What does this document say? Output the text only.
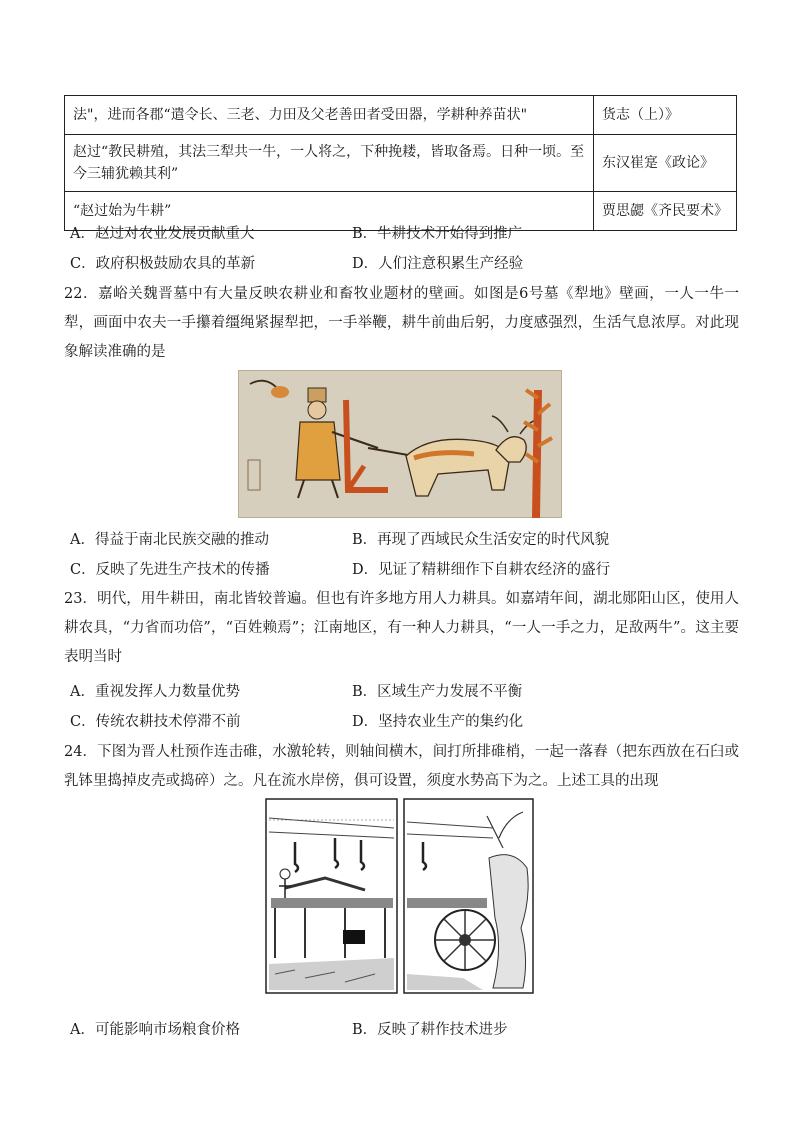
法"，进而各郡“遣令长、三老、力田及父老善田者受田器，学耕种养苗状"	货志（上）》
赵过“教民耕殖，其法三犁共一牛，一人将之，下种挽耧，皆取备焉。日种一顷。至今三辅犹赖其利”	东汉崔寔《政论》
“赵过始为牛耕”	贾思勰《齐民要术》
A．赵过对农业发展贡献重大	B．牛耕技术开始得到推广
C．政府积极鼓励农具的革新	D．人们注意积累生产经验
22．嘉峪关魏晋墓中有大量反映农耕业和畜牧业题材的壁画。如图是6号墓《犁地》壁画，一人一牛一犁，画面中农夫一手攥着缰绳紧握犁把，一手举鞭，耕牛前曲后躬，力度感强烈，生活气息浓厚。对此现象解读准确的是
A．得益于南北民族交融的推动	B．再现了西域民众生活安定的时代风貌
C．反映了先进生产技术的传播	D．见证了精耕细作下自耕农经济的盛行
23．明代，用牛耕田，南北皆较普遍。但也有许多地方用人力耕具。如嘉靖年间，湖北郧阳山区，使用人耕农具，“力省而功倍”，“百姓赖焉”；江南地区，有一种人力耕具，“一人一手之力，足敌两牛”。这主要表明当时
A．重视发挥人力数量优势	B．区域生产力发展不平衡
C．传统农耕技术停滞不前	D．坚持农业生产的集约化
24．下图为晋人杜预作连击碓，水激轮转，则轴间横木，间打所排碓梢，一起一落舂（把东西放在石臼或乳钵里捣掉皮壳或捣碎）之。凡在流水岸傍，俱可设置，须度水势高下为之。上述工具的出现
A．可能影响市场粮食价格	B．反映了耕作技术进步
